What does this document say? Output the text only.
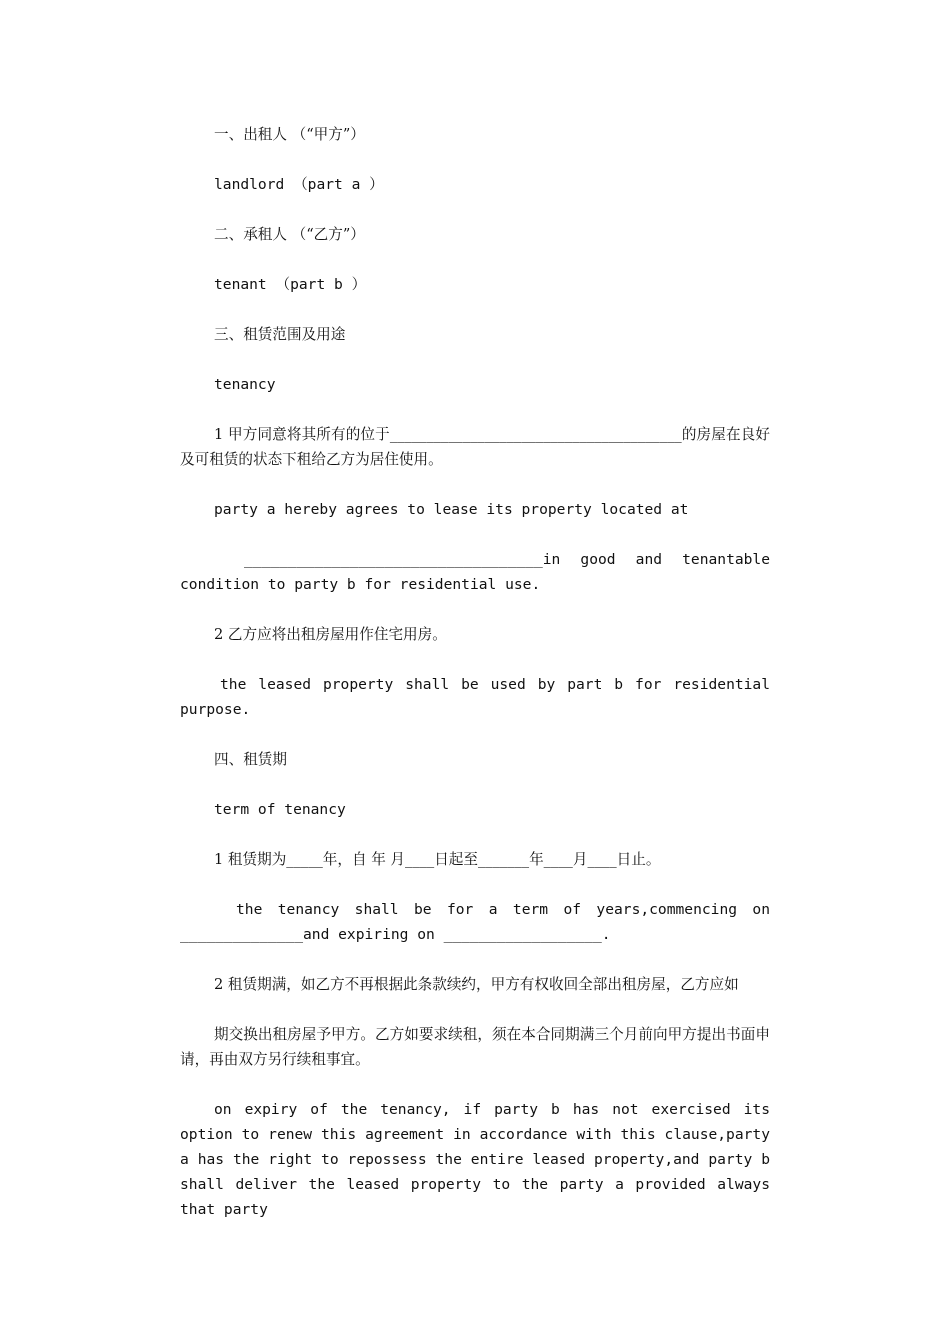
一、出租人 （“甲方”）

landlord （part a ）

二、承租人 （“乙方”）

tenant （part b ）

三、租赁范围及用途

tenancy

1 甲方同意将其所有的位于________________________________________的房屋在良好及可租赁的状态下租给乙方为居住使用。

party a hereby agrees to lease its property located at

__________________________________in good and tenantable condition to party b for residential use.

2 乙方应将出租房屋用作住宅用房。

the leased property shall be used by part b for residential purpose.

四、租赁期

term of tenancy

1 租赁期为_____年，自 年 月____日起至_______年____月____日止。

the tenancy shall be for a term of years,commencing on ______________and expiring on __________________.

2 租赁期满，如乙方不再根据此条款续约，甲方有权收回全部出租房屋，乙方应如

期交换出租房屋予甲方。乙方如要求续租，须在本合同期满三个月前向甲方提出书面申请，再由双方另行续租事宜。

on expiry of the tenancy, if party b has not exercised its option to renew this agreement in accordance with this clause,party a has the right to repossess the entire leased property,and party b shall deliver the leased property to the party a provided always that party
